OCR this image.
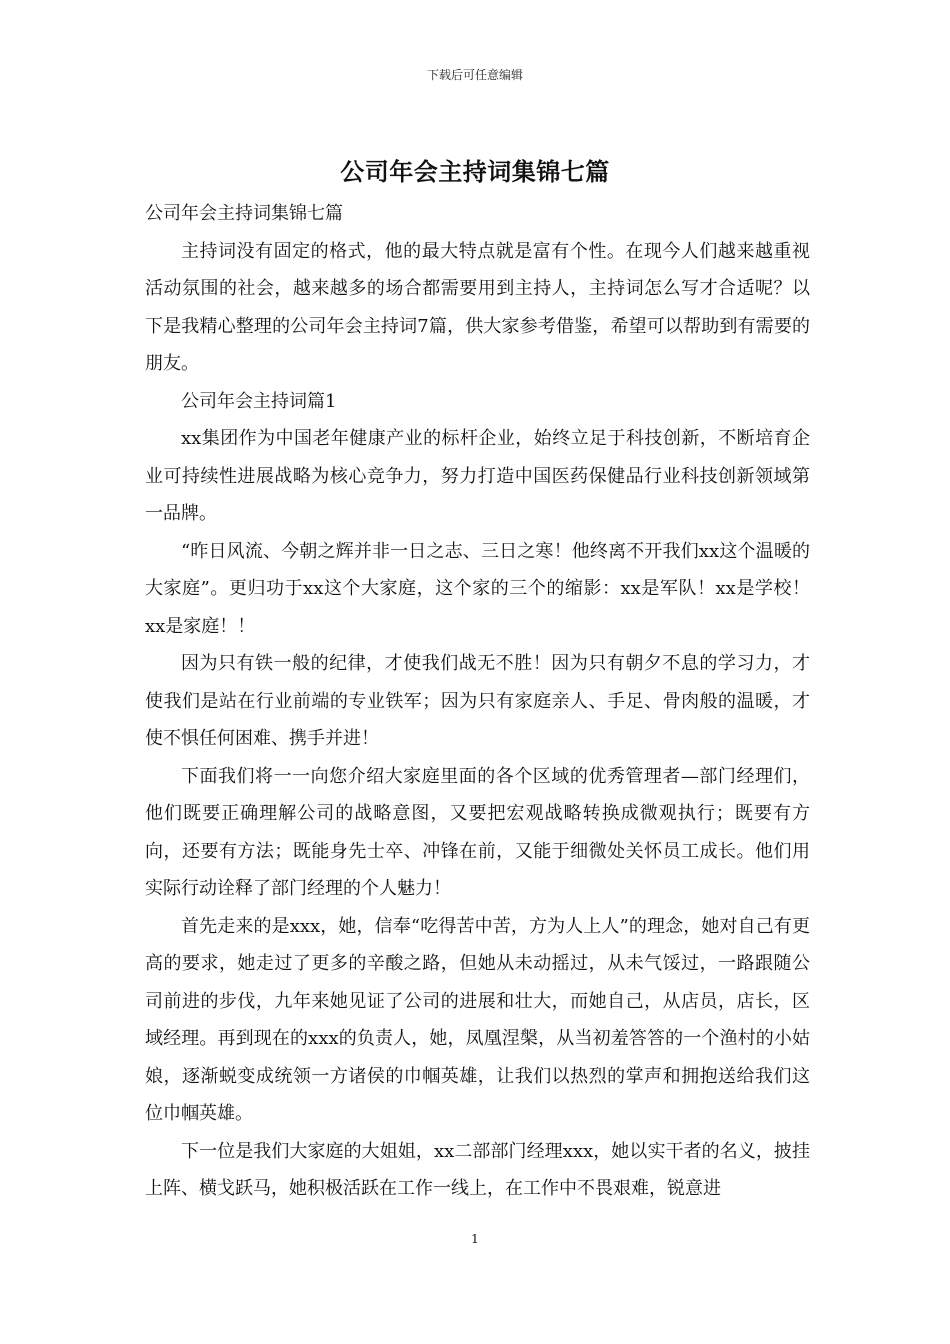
下载后可任意编辑
公司年会主持词集锦七篇

公司年会主持词集锦七篇

主持词没有固定的格式，他的最大特点就是富有个性。在现今人们越来越重视活动氛围的社会，越来越多的场合都需要用到主持人，主持词怎么写才合适呢？以下是我精心整理的公司年会主持词7篇，供大家参考借鉴，希望可以帮助到有需要的朋友。

公司年会主持词篇1

xx集团作为中国老年健康产业的标杆企业，始终立足于科技创新，不断培育企业可持续性进展战略为核心竞争力，努力打造中国医药保健品行业科技创新领域第一品牌。

“昨日风流、今朝之辉并非一日之志、三日之寒！他终离不开我们xx这个温暖的大家庭”。更归功于xx这个大家庭，这个家的三个的缩影：xx是军队！xx是学校！xx是家庭！！

因为只有铁一般的纪律，才使我们战无不胜！因为只有朝夕不息的学习力，才使我们是站在行业前端的专业铁军；因为只有家庭亲人、手足、骨肉般的温暖，才使不惧任何困难、携手并进！

下面我们将一一向您介绍大家庭里面的各个区域的优秀管理者—部门经理们，他们既要正确理解公司的战略意图，又要把宏观战略转换成微观执行；既要有方向，还要有方法；既能身先士卒、冲锋在前，又能于细微处关怀员工成长。他们用实际行动诠释了部门经理的个人魅力！

首先走来的是xxx，她，信奉“吃得苦中苦，方为人上人”的理念，她对自己有更高的要求，她走过了更多的辛酸之路，但她从未动摇过，从未气馁过，一路跟随公司前进的步伐，九年来她见证了公司的进展和壮大，而她自己，从店员，店长，区域经理。再到现在的xxx的负责人，她，凤凰涅槃，从当初羞答答的一个渔村的小姑娘，逐渐蜕变成统领一方诸侯的巾帼英雄，让我们以热烈的掌声和拥抱送给我们这位巾帼英雄。

下一位是我们大家庭的大姐姐，xx二部部门经理xxx，她以实干者的名义，披挂上阵、横戈跃马，她积极活跃在工作一线上，在工作中不畏艰难，锐意进

1
